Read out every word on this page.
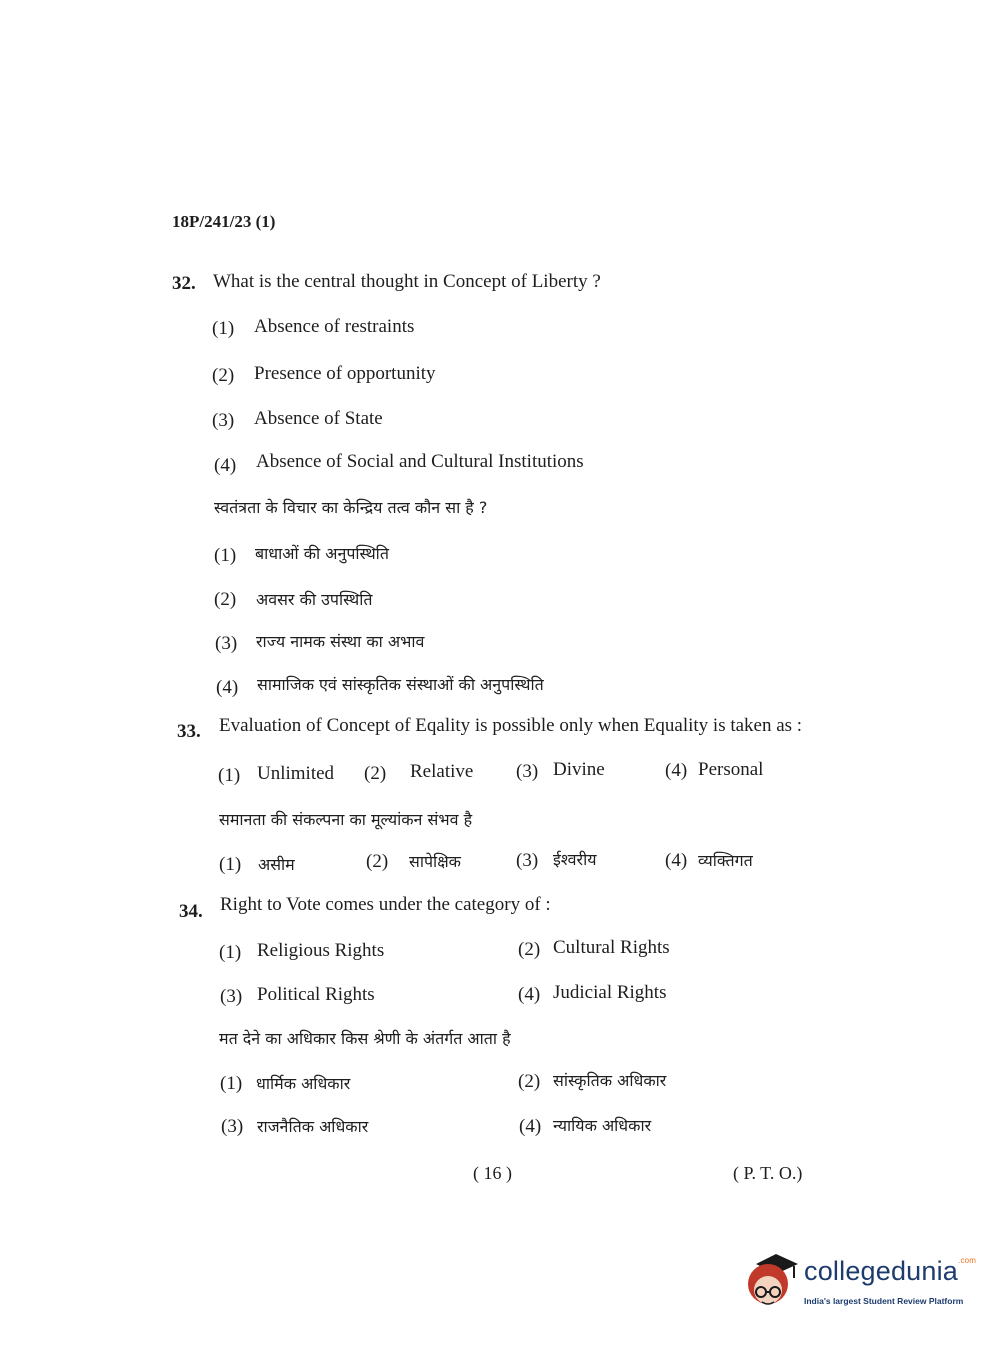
18P/241/23 (1)
32. What is the central thought in Concept of Liberty ?
(1) Absence of restraints
(2) Presence of opportunity
(3) Absence of State
(4) Absence of Social and Cultural Institutions
स्वतंत्रता के विचार का केन्द्रिय तत्व कौन सा है ?
(1) बाधाओं की अनुपस्थिति
(2) अवसर की उपस्थिति
(3) राज्य नामक संस्था का अभाव
(4) सामाजिक एवं सांस्कृतिक संस्थाओं की अनुपस्थिति
33. Evaluation of Concept of Eqality is possible only when Equality is taken as :
(1) Unlimited (2) Relative (3) Divine	(4) Personal
समानता की संकल्पना का मूल्यांकन संभव है
(1) असीम	(2) सापेक्षिक	(3) ईश्वरीय	(4) व्यक्तिगत
34. Right to Vote comes under the category of :
(1) Religious Rights	(2) Cultural Rights
(3) Political Rights	(4) Judicial Rights
मत देने का अधिकार किस श्रेणी के अंतर्गत आता है
(1) धार्मिक अधिकार	(2) सांस्कृतिक अधिकार
(3) राजनैतिक अधिकार	(4) न्यायिक अधिकार
( 16 )	( P. T. O.)
collegedunia$^{.com}$
India's largest Student Review Platform
